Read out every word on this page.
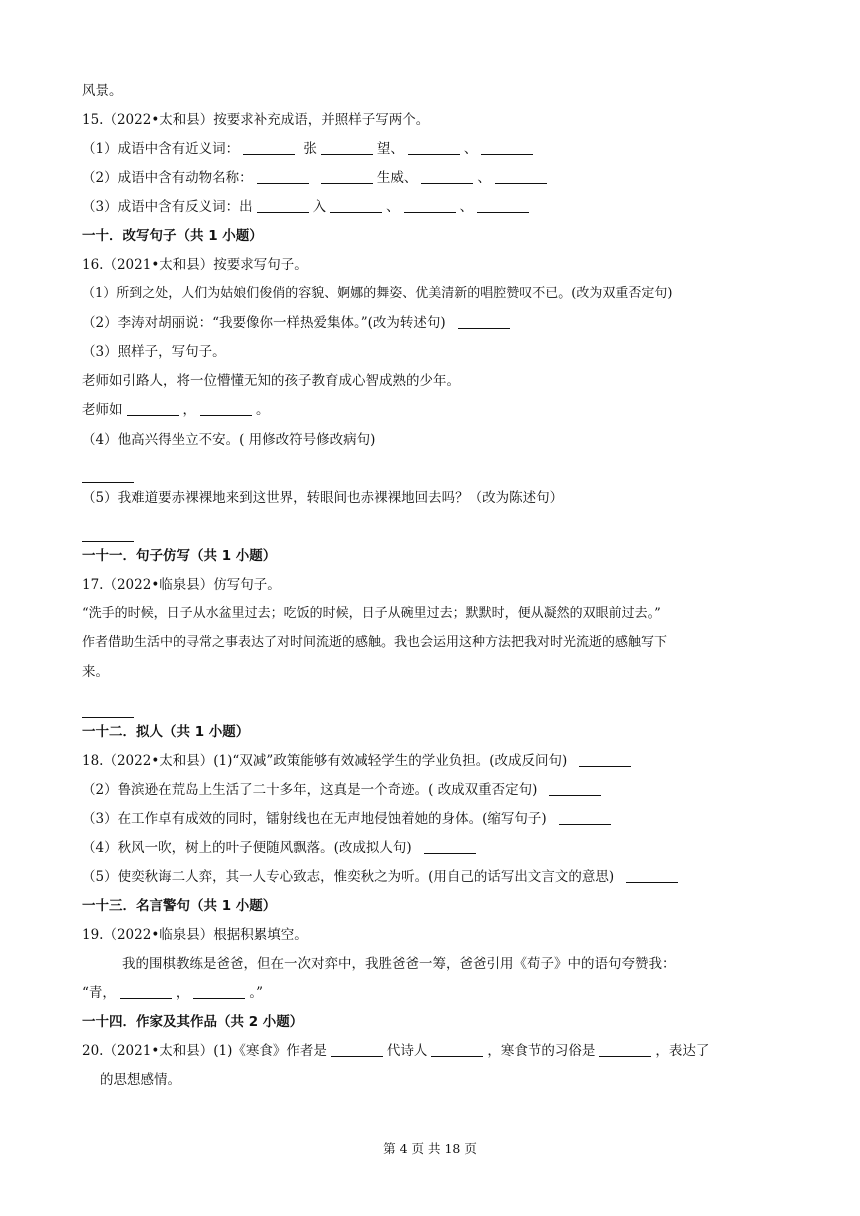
风景。
15.（2022•太和县）按要求补充成语，并照样子写两个。
（1）成语中含有近义词：	张	望、	、
（2）成语中含有动物名称：	生威、	、
（3）成语中含有反义词：出	入	、	、
一十．改写句子（共 1 小题）
16.（2021•太和县）按要求写句子。
（1）所到之处，人们为姑娘们俊俏的容貌、婀娜的舞姿、优美清新的唱腔赞叹不已。(改为双重否定句)
（2）李涛对胡丽说：“我要像你一样热爱集体。”(改为转述句)
（3）照样子，写句子。
老师如引路人，将一位懵懂无知的孩子教育成心智成熟的少年。
老师如	，	。
（4）他高兴得坐立不安。( 用修改符号修改病句)
（5）我难道要赤裸裸地来到这世界，转眼间也赤裸裸地回去吗？（改为陈述句）
一十一．句子仿写（共 1 小题）
17.（2022•临泉县）仿写句子。
“洗手的时候，日子从水盆里过去；吃饭的时候，日子从碗里过去；默默时，便从凝然的双眼前过去。”
作者借助生活中的寻常之事表达了对时间流逝的感触。我也会运用这种方法把我对时光流逝的感触写下
来。
一十二．拟人（共 1 小题）
18.（2022•太和县）(1)“双减”政策能够有效减轻学生的学业负担。(改成反问句)
（2）鲁滨逊在荒岛上生活了二十多年，这真是一个奇迹。( 改成双重否定句)
（3）在工作卓有成效的同时，镭射线也在无声地侵蚀着她的身体。(缩写句子)
（4）秋风一吹，树上的叶子便随风飘落。(改成拟人句)
（5）使奕秋诲二人弈，其一人专心致志，惟奕秋之为听。(用自己的话写出文言文的意思)
一十三．名言警句（共 1 小题）
19.（2022•临泉县）根据积累填空。
我的围棋教练是爸爸，但在一次对弈中，我胜爸爸一筹，爸爸引用《荀子》中的语句夸赞我：
“青，	，	。”
一十四．作家及其作品（共 2 小题）
20.（2021•太和县）(1)《寒食》作者是	代诗人	，寒食节的习俗是	，表达了
的思想感情。
第 4 页 共 18 页
